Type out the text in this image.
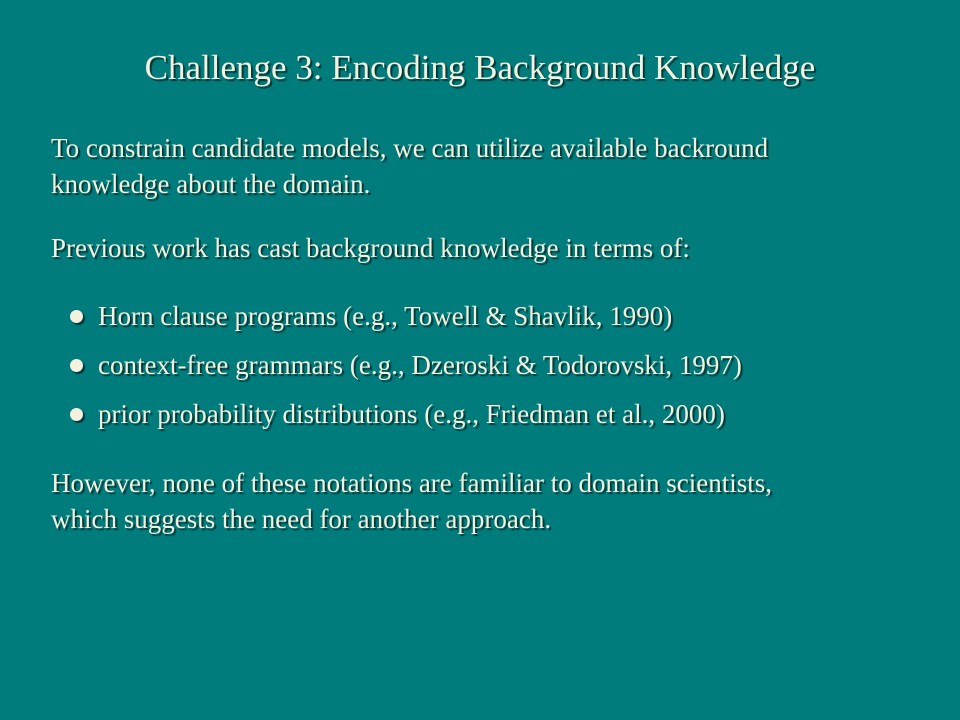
Challenge 3: Encoding Background Knowledge

To constrain candidate models, we can utilize available backround
knowledge about the domain.

Previous work has cast background knowledge in terms of:

Horn clause programs (e.g., Towell & Shavlik, 1990)
context-free grammars (e.g., Dzeroski & Todorovski, 1997)
prior probability distributions (e.g., Friedman et al., 2000)

However, none of these notations are familiar to domain scientists,
which suggests the need for another approach.
